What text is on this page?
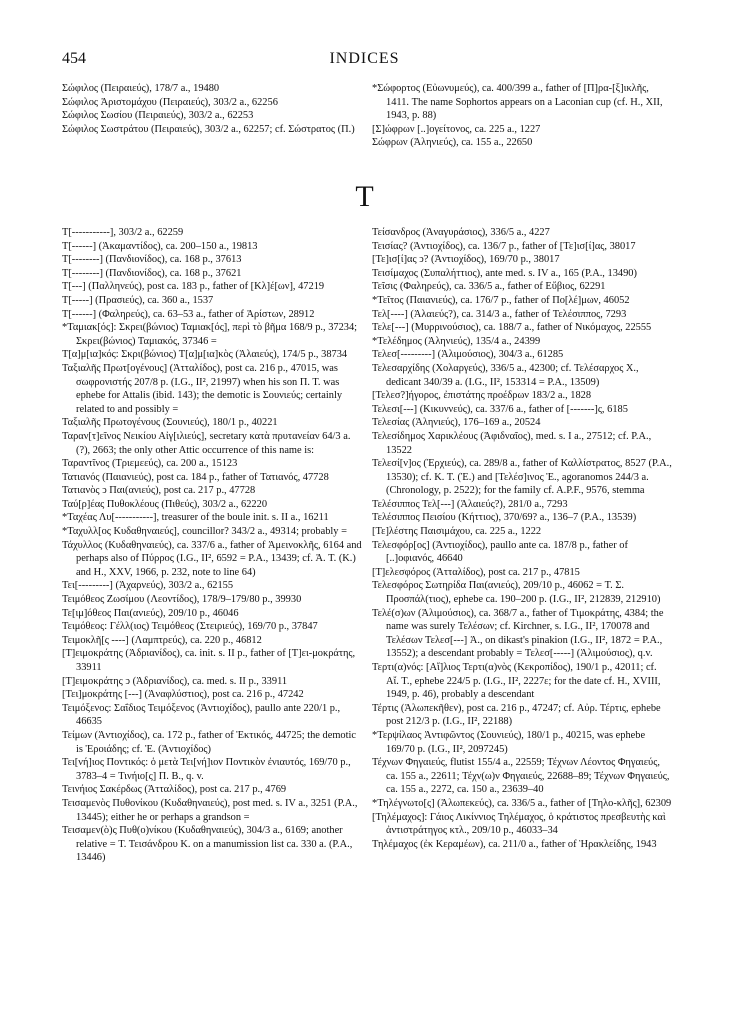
454	INDICES

Σώφιλος (Πειραιεύς), 178/7 a., 19480

Σώφιλος Ἀριστομάχου (Πειραιεύς), 303/2 a., 62256

Σώφιλος Σωσίου (Πειραιεύς), 303/2 a., 62253

Σώφιλος Σωστράτου (Πειραιεύς), 303/2 a., 62257; cf. Σώστρατος (Π.)

*Σώφορτος (Εὐωνυμεύς), ca. 400/399 a., father of [Π]ρα-[ξ]ικλῆς, 1411. The name Sophortos appears on a Laconian cup (cf. H., XII, 1943, p. 88)

[Σ]ώφρων [..]ογείτονος, ca. 225 a., 1227

Σώφρων (Ἀληνιεύς), ca. 155 a., 22650

T

Τ[-----------], 303/2 a., 62259

Τ[------] (Ἀκαμαντίδος), ca. 200–150 a., 19813

Τ[--------] (Πανδιονίδος), ca. 168 p., 37613

Τ[--------] (Πανδιονίδος), ca. 168 p., 37621

Τ[---] (Παλληνεύς), post ca. 183 p., father of [Κλ]έ[ων], 47219

Τ[-----] (Πρασιεύς), ca. 360 a., 1537

Τ[------] (Φαληρεύς), ca. 63–53 a., father of Ἀρίστων, 28912

*Ταμιακ[ός]: Σκρει(βώνιος) Ταμιακ[ός], περὶ τὸ βῆμα 168/9 p., 37234; Σκρει(βώνιος) Ταμιακός, 37346 =

Τ[α]μ[ια]κός: Σκρι(βώνιος) Τ[α]μ[ια]κὸς (Ἀλαιεύς), 174/5 p., 38734

Ταξιαλῆς Πρωτ[ογένους] (Ἀτταλίδος), post ca. 216 p., 47015, was σωφρονιστής 207/8 p. (I.G., II², 21997) when his son Π. Τ. was ephebe for Attalis (ibid. 143); the demotic is Σουνιεύς; certainly related to and possibly =

Ταξιαλῆς Πρωτογένους (Σουνιεύς), 180/1 p., 40221

Ταραν[τ]εῖνος Νεικίου Αἰγ[ιλιεύς], secretary κατὰ πρυτανείαν 64/3 a. (?), 2663; the only other Attic occurrence of this name is:

Ταραντῖνος (Τριεμεεύς), ca. 200 a., 15123

Τατιανός (Παιανιεύς), post ca. 184 p., father of Τατιανός, 47728

Τατιανὸς ͻ Παι(ανιεύς), post ca. 217 p., 47728

Ταύ[ρ]έας Πυθοκλέους (Πιθεύς), 303/2 a., 62220

*Ταχέας Λυ[-----------], treasurer of the boule init. s. II a., 16211

*Ταχυλλ[ος Κυδαθηναιεύς], councillor? 343/2 a., 49314; probably =

Τάχυλλος (Κυδαθηναιεύς), ca. 337/6 a., father of Ἀμεινοκλῆς, 6164 and perhaps also of Πύρρος (I.G., II², 6592 = P.A., 13439; cf. Ἀ. Τ. (K.) and H., XXV, 1966, p. 232, note to line 64)

Τει[---------] (Ἀχαρνεύς), 303/2 a., 62155

Τειμόθεος Ζωσίμου (Λεοντίδος), 178/9–179/80 p., 39930

Τε[ιμ]όθεος Παι(ανιεύς), 209/10 p., 46046

Τειμόθεος: Γέλλ(ιος) Τειμόθεος (Στειριεύς), 169/70 p., 37847

Τειμοκλῆ[ς ----] (Λαμπτρεύς), ca. 220 p., 46812

[Τ]ειμοκράτης (Ἀδριανίδος), ca. init. s. II p., father of [Τ]ει-μοκράτης, 33911

[Τ]ειμοκράτης ͻ (Ἀδριανίδος), ca. med. s. II p., 33911

[Τει]μοκράτης [---] (Ἀναφλύστιος), post ca. 216 p., 47242

Τειμόξενος: Σαΐδιος Τειμόξενος (Ἀντιοχίδος), paullo ante 220/1 p., 46635

Τείμων (Ἀντιοχίδος), ca. 172 p., father of Ἐκτικός, 44725; the demotic is Ἐροιάδης; cf. Ἐ. (Ἀντιοχίδος)

Τει[νή]ιος Ποντικός: ὁ μετὰ Τει[νή]ιον Ποντικὸν ἐνιαυτός, 169/70 p., 3783–4 = Τινήιο[ς] Π. Β., q. v.

Τεινήιος Σακέρδως (Ἀτταλίδος), post ca. 217 p., 4769

Τεισαμενὸς Πυθονίκου (Κυδαθηναιεύς), post med. s. IV a., 3251 (P.A., 13445); either he or perhaps a grandson =

Τεισαμεν(ὸ)ς Πυθ(ο)νίκου (Κυδαθηναιεύς), 304/3 a., 6169; another relative = Τ. Τεισάνδρου Κ. on a manumission list ca. 330 a. (P.A., 13446)

Τείσανδρος (Ἀναγυράσιος), 336/5 a., 4227

Τεισίας? (Ἀντιοχίδος), ca. 136/7 p., father of [Τε]ισ[ί]ας, 38017

[Τε]ισ[ί]ας ͻ? (Ἀντιοχίδος), 169/70 p., 38017

Τεισίμαχος (Συπαλήττιος), ante med. s. IV a., 165 (P.A., 13490)

Τεῖσις (Φαληρεύς), ca. 336/5 a., father of Εὔβιος, 62291

*Τεῖτος (Παιανιεύς), ca. 176/7 p., father of Πο[λέ]μων, 46052

Τελ[----] (Ἀλαιεύς?), ca. 314/3 a., father of Τελέσιππος, 7293

Τελε[---] (Μυρρινούσιος), ca. 188/7 a., father of Νικόμαχος, 22555

*Τελέδημος (Ἀληνιεύς), 135/4 a., 24399

Τελεσ[---------] (Ἀλιμούσιος), 304/3 a., 61285

Τελεσαρχίδης (Χολαργεύς), 336/5 a., 42300; cf. Τελέσαρχος Χ., dedicant 340/39 a. (I.G., II², 153314 = P.A., 13509)

[Τελεσ?]ήγορος, ἐπιστάτης προέδρων 183/2 a., 1828

Τελεσι[---] (Κικυννεύς), ca. 337/6 a., father of [-------]ς, 6185

Τελεσίας (Ἀληνιεύς), 176–169 a., 20524

Τελεσίδημος Χαρικλέους (Ἀφιδναῖος), med. s. I a., 27512; cf. P.A., 13522

Τελεσί[ν]ος (Ἐρχιεύς), ca. 289/8 a., father of Καλλίστρατος, 8527 (P.A., 13530); cf. Κ. Τ. (Ἐ.) and [Τελέσ]ινος Ἐ., agoranomos 244/3 a. (Chronology, p. 2522); for the family cf. A.P.F., 9576, stemma

Τελέσιππος Τελ[---] (Ἀλαιεύς?), 281/0 a., 7293

Τελέσιππος Πεισίου (Κήττιος), 370/69? a., 136–7 (P.A., 13539)

[Τε]λέστης Παισιμάχου, ca. 225 a., 1222

Τελεσφόρ[ος] (Ἀντιοχίδος), paullo ante ca. 187/8 p., father of [..]οφιανός, 46640

[Τ]ελεσφόρος (Ἀτταλίδος), post ca. 217 p., 47815

Τελεσφόρος Σωτηρίδα Παι(ανιεύς), 209/10 p., 46062 = Τ. Σ. Προσπάλ(τιος), ephebe ca. 190–200 p. (I.G., II², 212839, 212910)

Τελέ(σ)ων (Ἀλιμούσιος), ca. 368/7 a., father of Τιμοκράτης, 4384; the name was surely Τελέσων; cf. Kirchner, s. I.G., II², 170078 and Τελέσων Τελεσ[---] Ἀ., on dikast's pinakion (I.G., II², 1872 = P.A., 13552); a descendant probably = Τελεσ[-----] (Ἀλιμούσιος), q.v.

Τερτι(α)νός: [Αἴ]λιος Τερτι(α)νὸς (Κεκροπίδος), 190/1 p., 42011; cf. Αἴ. Τ., ephebe 224/5 p. (I.G., II², 2227ε; for the date cf. H., XVIII, 1949, p. 46), probably a descendant

Τέρτις (Ἀλωπεκῆθεν), post ca. 216 p., 47247; cf. Αὐρ. Τέρτις, ephebe post 212/3 p. (I.G., II², 22188)

*Τερψίλαος Ἀντιφῶντος (Σουνιεύς), 180/1 p., 40215, was ephebe 169/70 p. (I.G., II², 2097245)

Τέχνων Φηγαιεύς, flutist 155/4 a., 22559; Τέχνων Λέοντος Φηγαιεύς, ca. 155 a., 22611; Τέχν(ω)ν Φηγαιεύς, 22688–89; Τέχνων Φηγαιεύς, ca. 155 a., 2272, ca. 150 a., 23639–40

*Τηλέγνωτο[ς] (Ἀλωπεκεύς), ca. 336/5 a., father of [Τηλο-κλῆς], 62309

[Τηλέμαχος]: Γάιος Λικίννιος Τηλέμαχος, ὁ κράτιστος πρεσβευτὴς καὶ ἀντιστράτηγος κτλ., 209/10 p., 46033–34

Τηλέμαχος (ἐκ Κεραμέων), ca. 211/0 a., father of Ἡρακλείδης, 1943
